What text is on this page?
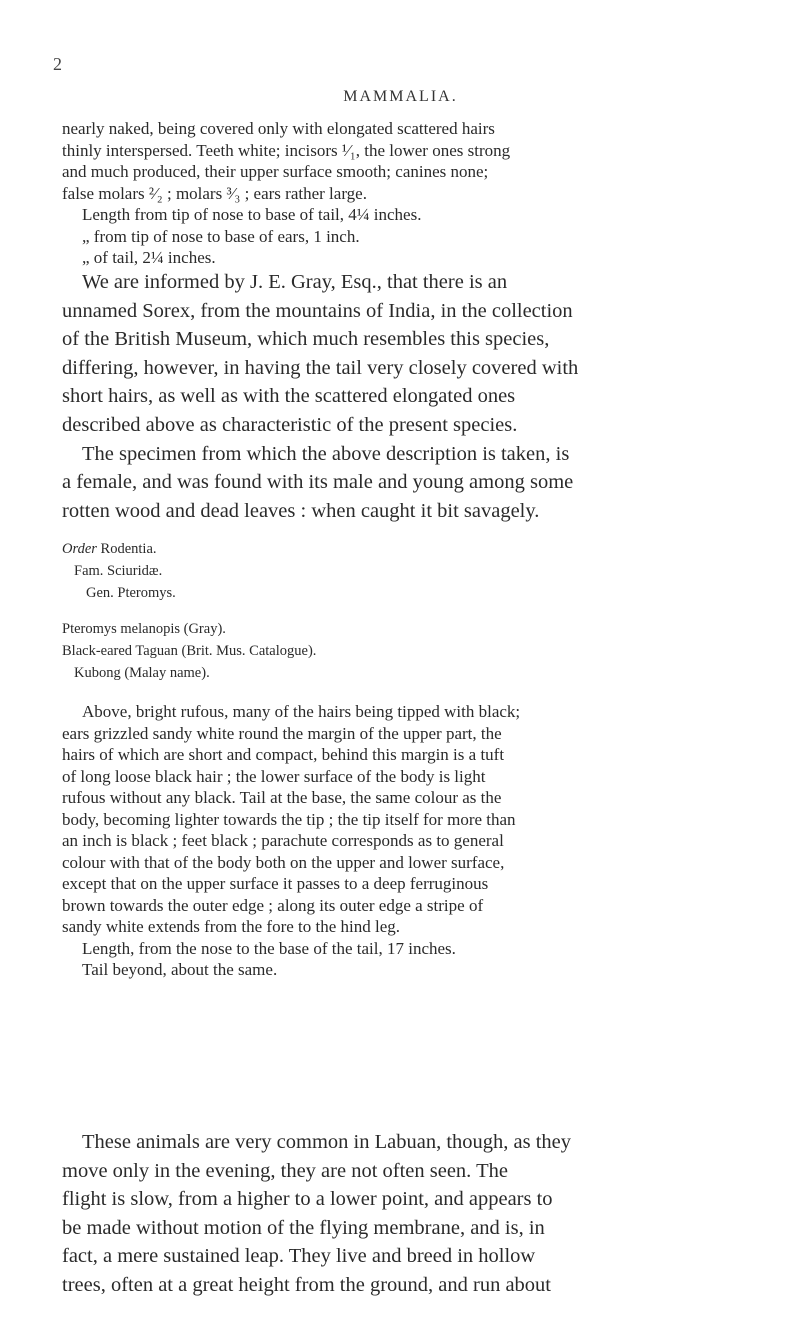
2
MAMMALIA.
nearly naked, being covered only with elongated scattered hairs
thinly interspersed. Teeth white; incisors ¹⁄₁, the lower ones strong
and much produced, their upper surface smooth; canines none;
false molars ²⁄₂ ; molars ³⁄₃ ; ears rather large.
Length from tip of nose to base of tail, 4¼ inches.
„ from tip of nose to base of ears, 1 inch.
„ of tail, 2¼ inches.
We are informed by J. E. Gray, Esq., that there is an
unnamed Sorex, from the mountains of India, in the collection
of the British Museum, which much resembles this species,
differing, however, in having the tail very closely covered with
short hairs, as well as with the scattered elongated ones
described above as characteristic of the present species.
The specimen from which the above description is taken, is
a female, and was found with its male and young among some
rotten wood and dead leaves : when caught it bit savagely.
Order Rodentia.
Fam. Sciuridæ.
Gen. Pteromys.
Pteromys melanopis (Gray).
Black-eared Taguan (Brit. Mus. Catalogue).
Kubong (Malay name).
Above, bright rufous, many of the hairs being tipped with black;
ears grizzled sandy white round the margin of the upper part, the
hairs of which are short and compact, behind this margin is a tuft
of long loose black hair ; the lower surface of the body is light
rufous without any black. Tail at the base, the same colour as the
body, becoming lighter towards the tip ; the tip itself for more than
an inch is black ; feet black ; parachute corresponds as to general
colour with that of the body both on the upper and lower surface,
except that on the upper surface it passes to a deep ferruginous
brown towards the outer edge ; along its outer edge a stripe of
sandy white extends from the fore to the hind leg.
Length, from the nose to the base of the tail, 17 inches.
Tail beyond, about the same.
These animals are very common in Labuan, though, as they
move only in the evening, they are not often seen. The
flight is slow, from a higher to a lower point, and appears to
be made without motion of the flying membrane, and is, in
fact, a mere sustained leap. They live and breed in hollow
trees, often at a great height from the ground, and run about
